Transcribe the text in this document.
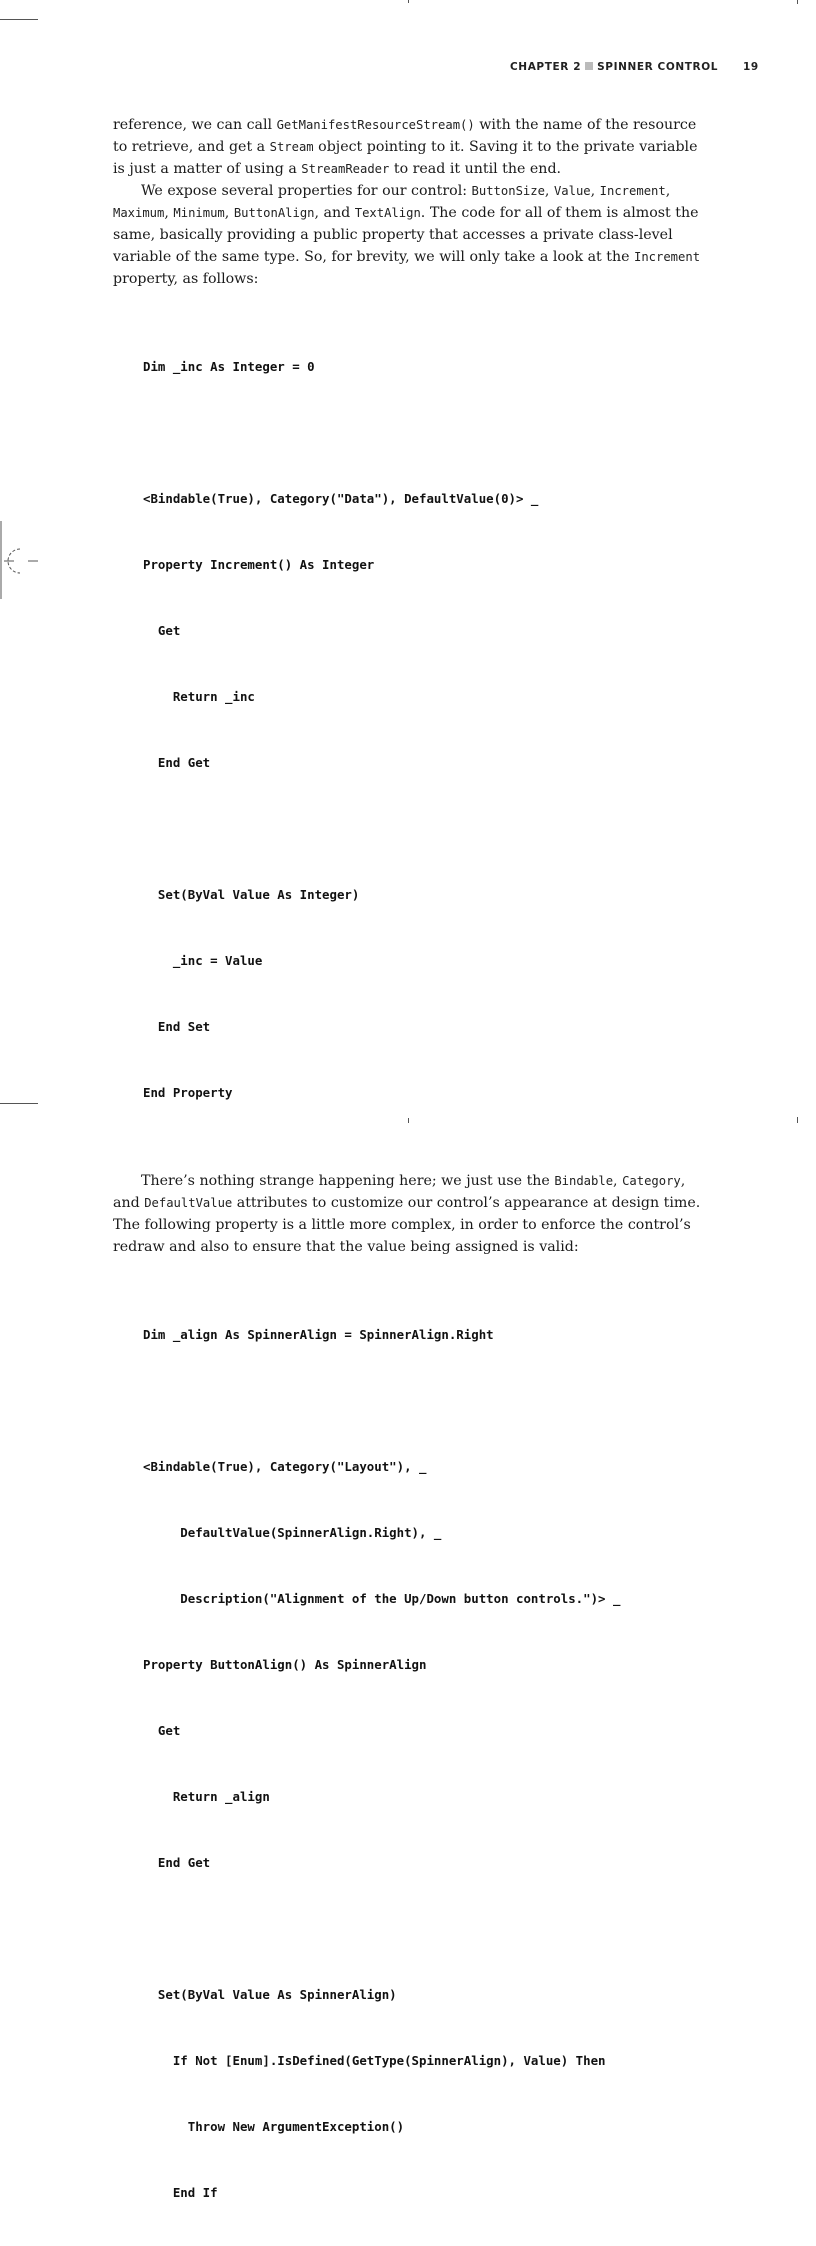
CHAPTER 2 SPINNER CONTROL 19

reference, we can call GetManifestResourceStream() with the name of the resource to retrieve, and get a Stream object pointing to it. Saving it to the private variable is just a matter of using a StreamReader to read it until the end.

We expose several properties for our control: ButtonSize, Value, Increment, Maximum, Minimum, ButtonAlign, and TextAlign. The code for all of them is almost the same, basically providing a public property that accesses a private class-level variable of the same type. So, for brevity, we will only take a look at the Increment property, as follows:

Dim _inc As Integer = 0

<Bindable(True), Category("Data"), DefaultValue(0)> _

Property Increment() As Integer

Get

Return _inc

End Get

Set(ByVal Value As Integer)

_inc = Value

End Set

End Property

There’s nothing strange happening here; we just use the Bindable, Category, and DefaultValue attributes to customize our control’s appearance at design time. The following property is a little more complex, in order to enforce the control’s redraw and also to ensure that the value being assigned is valid:

Dim _align As SpinnerAlign = SpinnerAlign.Right

<Bindable(True), Category("Layout"), _

DefaultValue(SpinnerAlign.Right), _

Description("Alignment of the Up/Down button controls.")> _

Property ButtonAlign() As SpinnerAlign

Get

Return _align

End Get

Set(ByVal Value As SpinnerAlign)

If Not [Enum].IsDefined(GetType(SpinnerAlign), Value) Then

Throw New ArgumentException()

End If
